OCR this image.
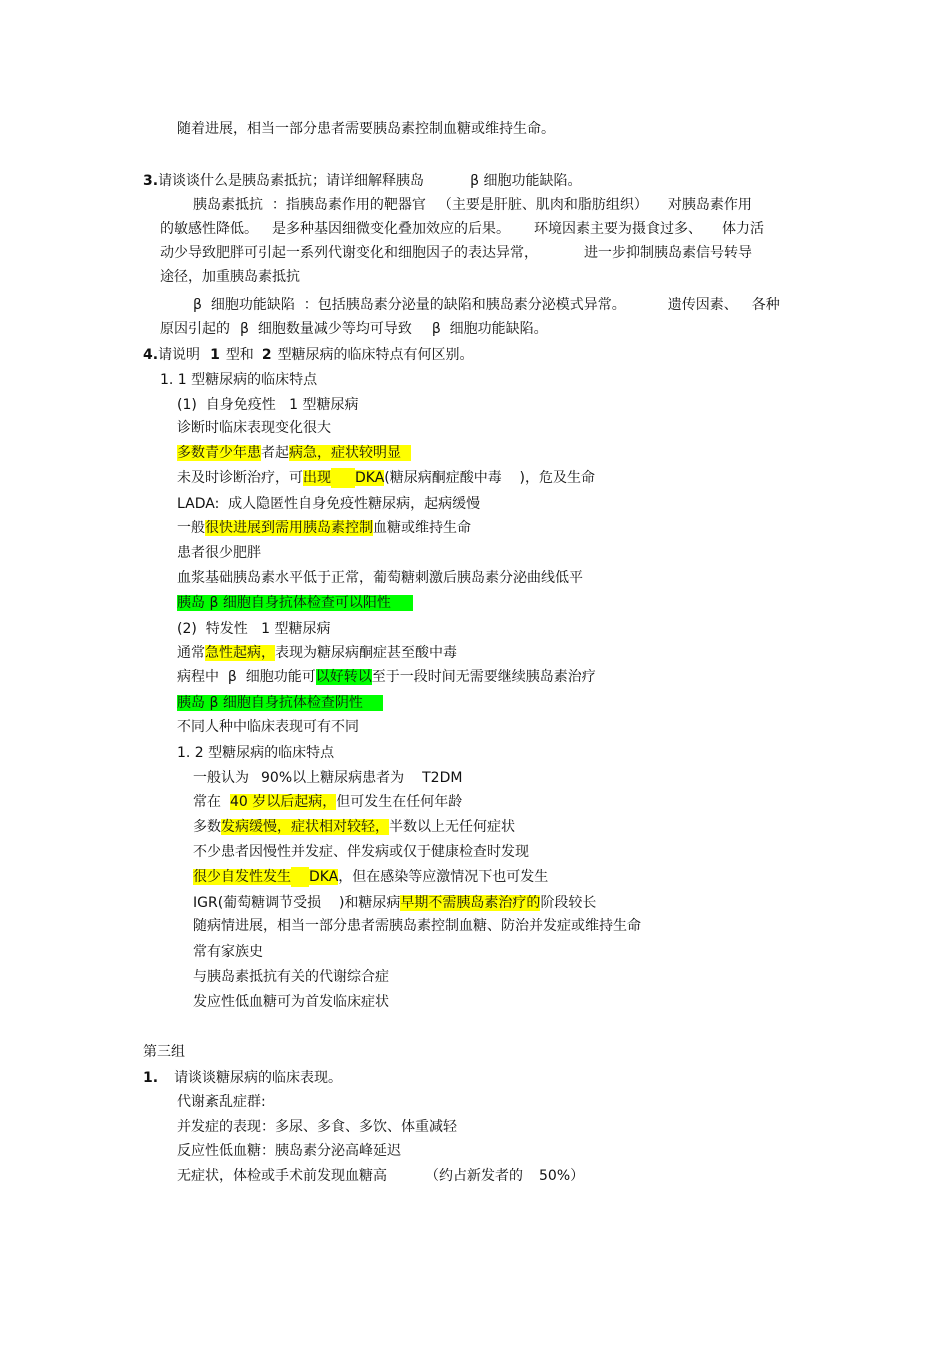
随着进展，相当一部分患者需要胰岛素控制血糖或维持生命。
3.请谈谈什么是胰岛素抵抗；请详细解释胰岛	β 细胞功能缺陷。
胰岛素抵抗  ：指胰岛素作用的靶器官 （主要是肝脏、肌肉和脂肪组织） 对胰岛素作用
的敏感性降低。 是多种基因细微变化叠加效应的后果。 环境因素主要为摄食过多、 体力活
动少导致肥胖可引起一系列代谢变化和细胞因子的表达异常，	进一步抑制胰岛素信号转导
途径，加重胰岛素抵抗
β  细胞功能缺陷  ：包括胰岛素分泌量的缺陷和胰岛素分泌模式异常。	遗传因素、 各种
原因引起的 β  细胞数量减少等均可导致 β  细胞功能缺陷。
4.请说明 1 型和 2 型糖尿病的临床特点有何区别。
1. 1 型糖尿病的临床特点
(1)  自身免疫性   1 型糖尿病
诊断时临床表现变化很大
多数青少年患者起病急，症状较明显
未及时诊断治疗，可出现 DKA(糖尿病酮症酸中毒    )，危及生命
LADA:  成人隐匿性自身免疫性糖尿病，起病缓慢
一般很快进展到需用胰岛素控制血糖或维持生命
患者很少肥胖
血浆基础胰岛素水平低于正常，葡萄糖刺激后胰岛素分泌曲线低平
胰岛 β 细胞自身抗体检查可以阳性
(2)  特发性   1 型糖尿病
通常急性起病，表现为糖尿病酮症甚至酸中毒
病程中  β  细胞功能可以好转以至于一段时间无需要继续胰岛素治疗
胰岛 β 细胞自身抗体检查阴性
不同人种中临床表现可有不同
1. 2 型糖尿病的临床特点
一般认为 90%以上糖尿病患者为 T2DM
常在 40 岁以后起病，但可发生在任何年龄
多数发病缓慢，症状相对较轻，半数以上无任何症状
不少患者因慢性并发症、伴发病或仅于健康检查时发现
很少自发性发生 DKA，但在感染等应激情况下也可发生
IGR(葡萄糖调节受损    )和糖尿病早期不需胰岛素治疗的阶段较长
随病情进展，相当一部分患者需胰岛素控制血糖、防治并发症或维持生命
常有家族史
与胰岛素抵抗有关的代谢综合症
发应性低血糖可为首发临床症状
第三组
1. 请谈谈糖尿病的临床表现。
代谢紊乱症群:
并发症的表现：多尿、多食、多饮、体重减轻
反应性低血糖：胰岛素分泌高峰延迟
无症状，体检或手术前发现血糖高	（约占新发者的 50%）
